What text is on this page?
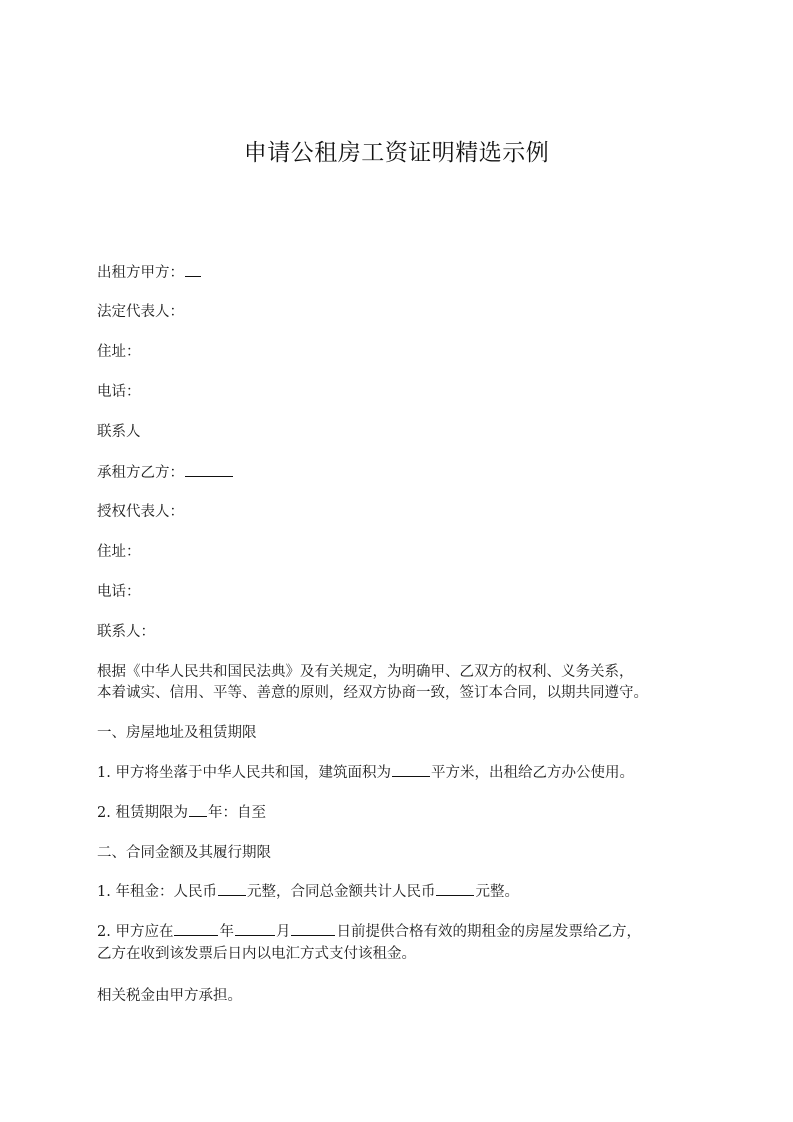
申请公租房工资证明精选示例
出租方甲方：
法定代表人：
住址：
电话：
联系人
承租方乙方：
授权代表人：
住址：
电话：
联系人：
根据《中华人民共和国民法典》及有关规定，为明确甲、乙双方的权利、义务关系，
本着诚实、信用、平等、善意的原则，经双方协商一致，签订本合同，以期共同遵守。
一、房屋地址及租赁期限
1. 甲方将坐落于中华人民共和国，建筑面积为	平方米，出租给乙方办公使用。
2. 租赁期限为 年：自至
二、合同金额及其履行期限
1. 年租金：人民币 元整，合同总金额共计人民币	元整。
2. 甲方应在	年	月	日前提供合格有效的期租金的房屋发票给乙方，
乙方在收到该发票后日内以电汇方式支付该租金。
相关税金由甲方承担。
